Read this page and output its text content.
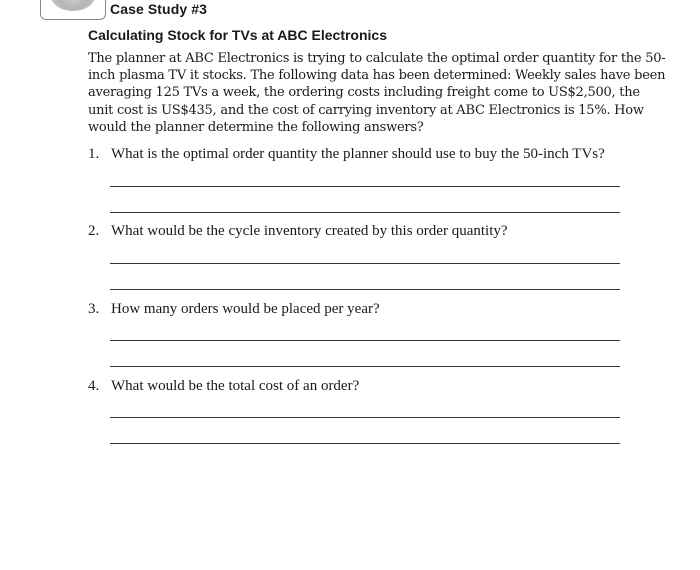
Case Study #3
Calculating Stock for TVs at ABC Electronics

The planner at ABC Electronics is trying to calculate the optimal order quantity for the 50-inch plasma TV it stocks. The following data has been determined: Weekly sales have been averaging 125 TVs a week, the ordering costs including freight come to US$2,500, the unit cost is US$435, and the cost of carrying inventory at ABC Electronics is 15%. How would the planner determine the following answers?

1. What is the optimal order quantity the planner should use to buy the 50-inch TVs?
2. What would be the cycle inventory created by this order quantity?
3. How many orders would be placed per year?
4. What would be the total cost of an order?
